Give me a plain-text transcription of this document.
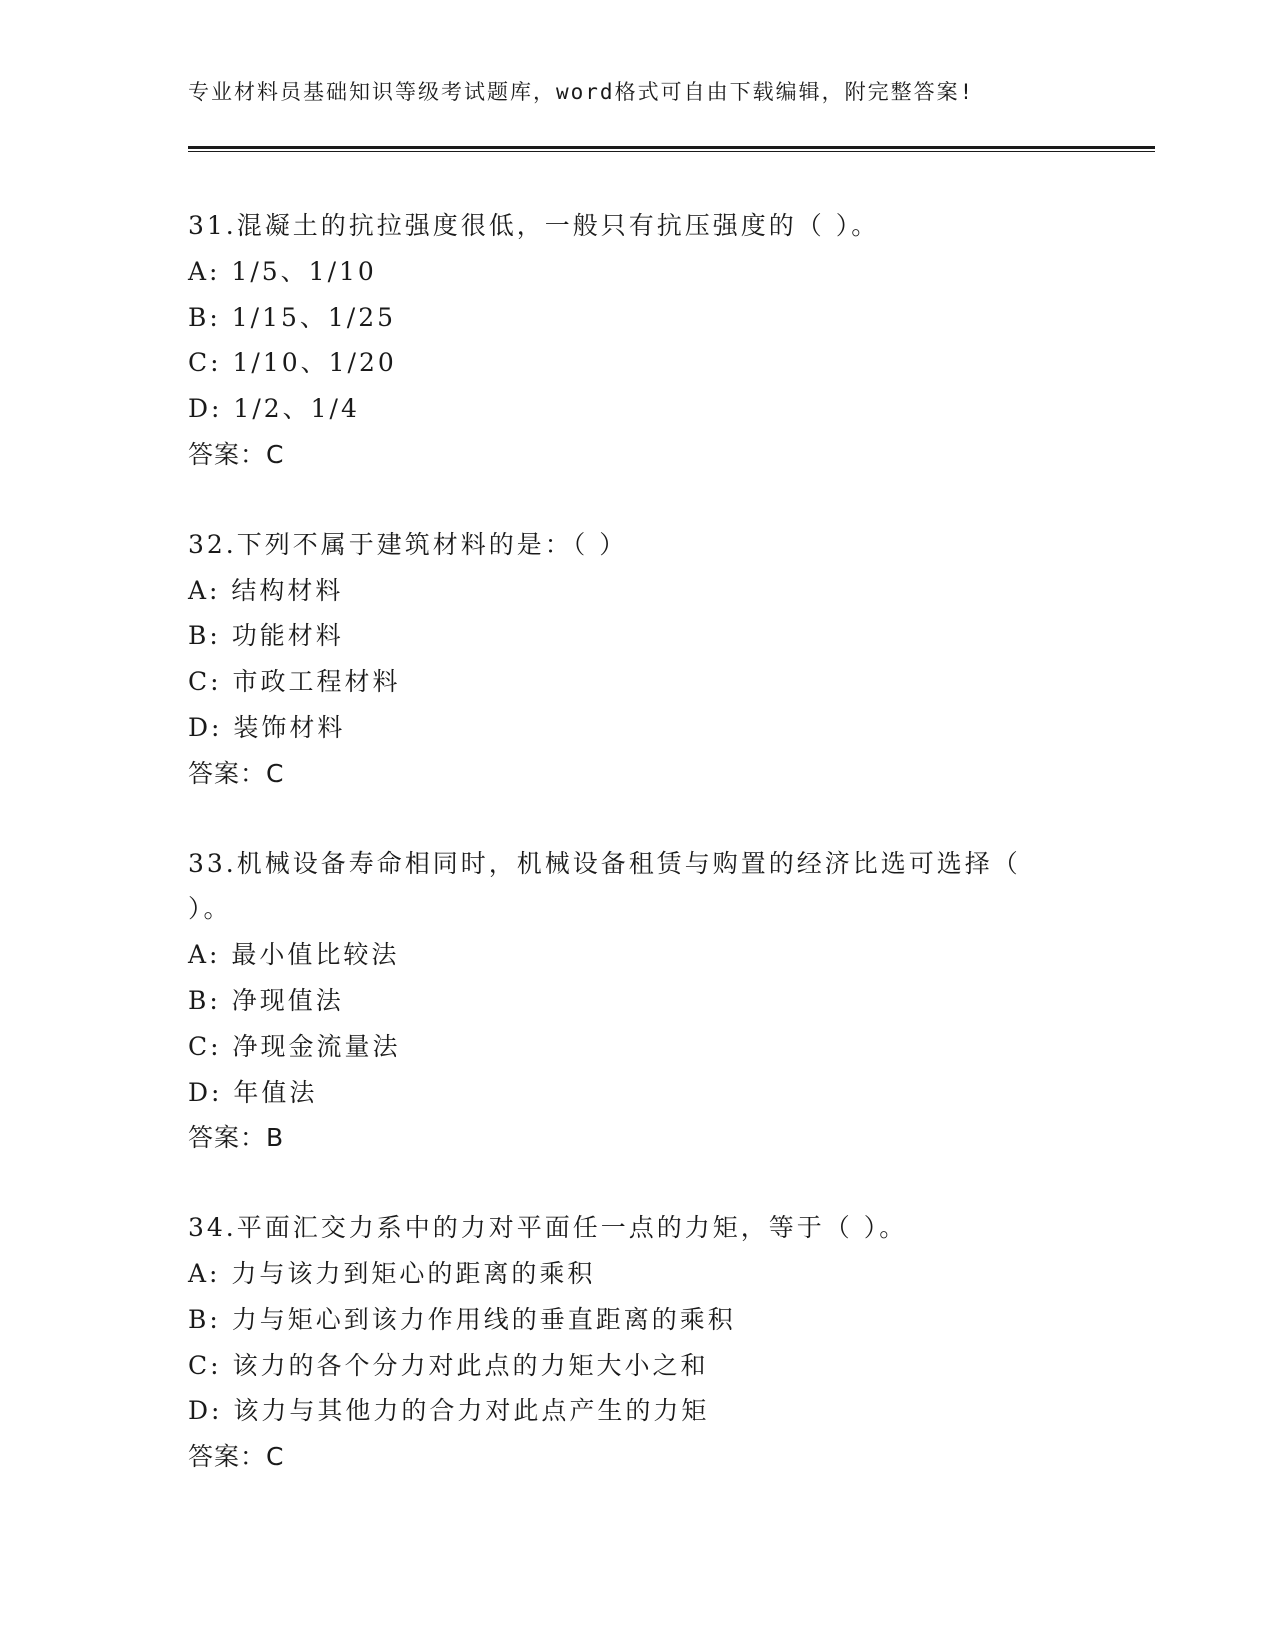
专业材料员基础知识等级考试题库，word格式可自由下载编辑，附完整答案!
31.混凝土的抗拉强度很低，一般只有抗压强度的（ ）。
A: 1/5、1/10
B: 1/15、1/25
C: 1/10、1/20
D: 1/2、1/4
答案：C
32.下列不属于建筑材料的是：（ ）
A: 结构材料
B: 功能材料
C: 市政工程材料
D: 装饰材料
答案：C
33.机械设备寿命相同时，机械设备租赁与购置的经济比选可选择（ ）。
A: 最小值比较法
B: 净现值法
C: 净现金流量法
D: 年值法
答案：B
34.平面汇交力系中的力对平面任一点的力矩，等于（ ）。
A: 力与该力到矩心的距离的乘积
B: 力与矩心到该力作用线的垂直距离的乘积
C: 该力的各个分力对此点的力矩大小之和
D: 该力与其他力的合力对此点产生的力矩
答案：C
